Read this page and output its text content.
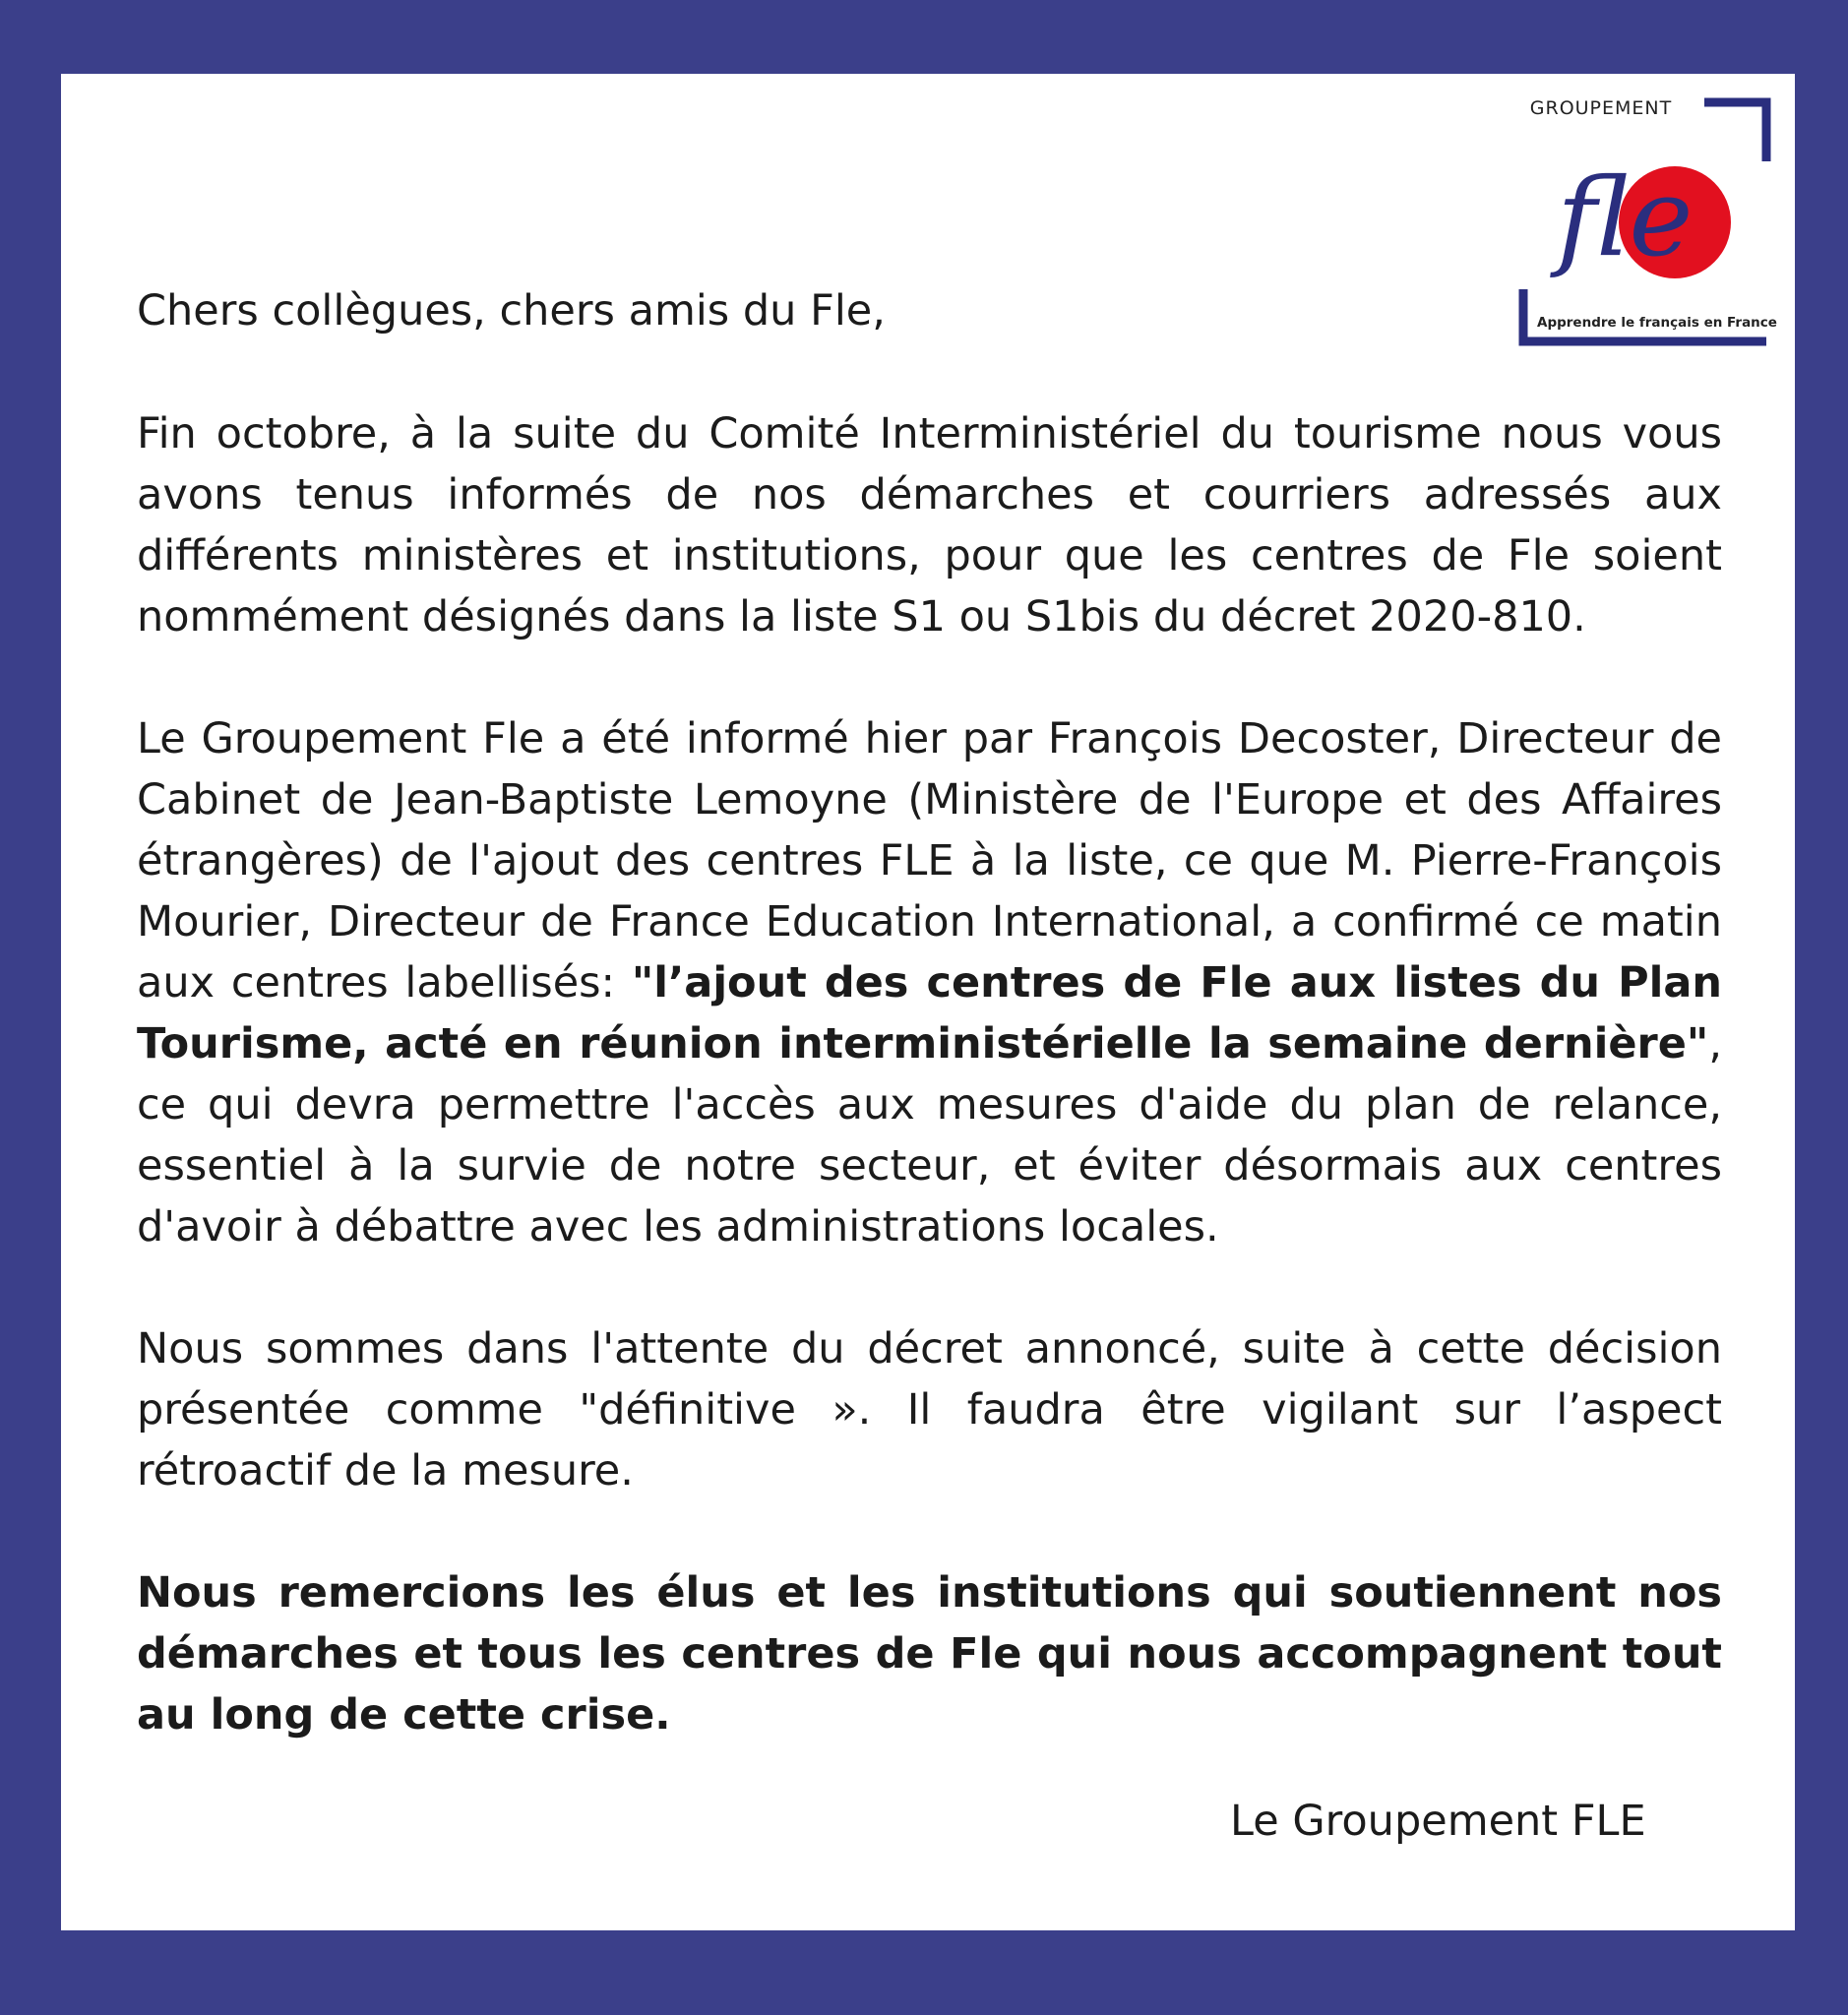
GROUPEMENT
fle
Apprendre le français en France

Chers collègues, chers amis du Fle,

Fin octobre, à la suite du Comité Interministériel du tourisme nous vous avons tenus informés de nos démarches et courriers adressés aux différents ministères et institutions, pour que les centres de Fle soient nommément désignés dans la liste S1 ou S1bis du décret 2020-810.

Le Groupement Fle a été informé hier par François Decoster, Directeur de Cabinet de Jean-Baptiste Lemoyne (Ministère de l'Europe et des Affaires étrangères) de l'ajout des centres FLE à la liste, ce que M. Pierre-François Mourier, Directeur de France Education International, a confirmé ce matin aux centres labellisés: "l’ajout des centres de Fle aux listes du Plan Tourisme, acté en réunion interministérielle la semaine dernière", ce qui devra permettre l'accès aux mesures d'aide du plan de relance, essentiel à la survie de notre secteur, et éviter désormais aux centres d'avoir à débattre avec les administrations locales.

Nous sommes dans l'attente du décret annoncé, suite à cette décision présentée comme "définitive ». Il faudra être vigilant sur l’aspect rétroactif de la mesure.

Nous remercions les élus et les institutions qui soutiennent nos démarches et tous les centres de Fle qui nous accompagnent tout au long de cette crise.

Le Groupement FLE
